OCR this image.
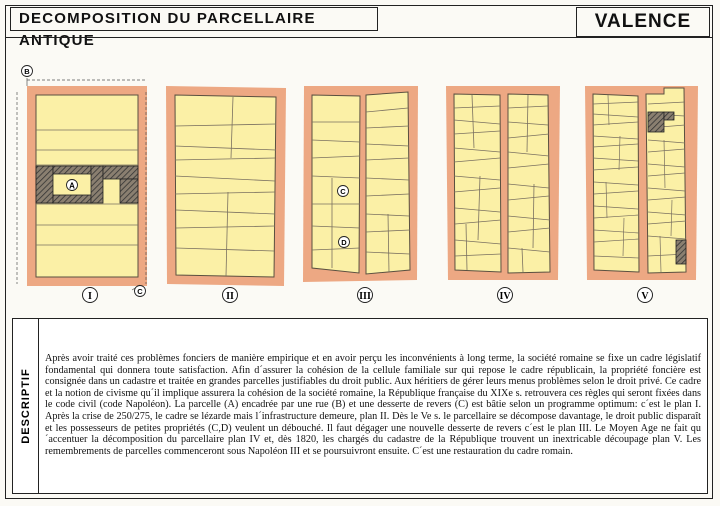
DECOMPOSITION DU PARCELLAIRE ANTIQUE
VALENCE
A
B
C
C
D
I	II	III	IV	V
DESCRIPTIF

Après avoir traité ces problèmes fonciers de manière empirique et en avoir perçu les inconvénients à long terme, la société romaine se fixe un cadre législatif fondamental qui donnera toute satisfaction. Afin d´assurer la cohésion de la cellule familiale sur qui repose le cadre républicain, la propriété foncière est consignée dans un cadastre et traitée en grandes parcelles justifiables du droit public. Aux héritiers de gérer leurs menus problèmes selon le droit privé. Ce cadre et la notion de civisme qu´il implique assurera la cohésion de la société romaine, la République française du XIXe s. retrouvera ces règles qui seront fixées dans le code civil (code Napoléon). La parcelle (A) encadrée par une rue (B) et une desserte de revers (C) est bâtie selon un programme optimum: c´est le plan I. Après la crise de 250/275, le cadre se lézarde mais l´infrastructure demeure, plan II. Dès le Ve s. le parcellaire se décompose davantage, le droit public disparaît et les possesseurs de petites propriétés (C,D) veulent un débouché. Il faut dégager une nouvelle desserte de revers c´est le plan III. Le Moyen Age ne fait qu´accentuer la décomposition du parcellaire plan IV et, dès 1820, les chargés du cadastre de la République trouvent un inextricable découpage plan V. Les remembrements de parcelles commenceront sous Napoléon III et se poursuivront ensuite. C´est une restauration du cadre romain.
